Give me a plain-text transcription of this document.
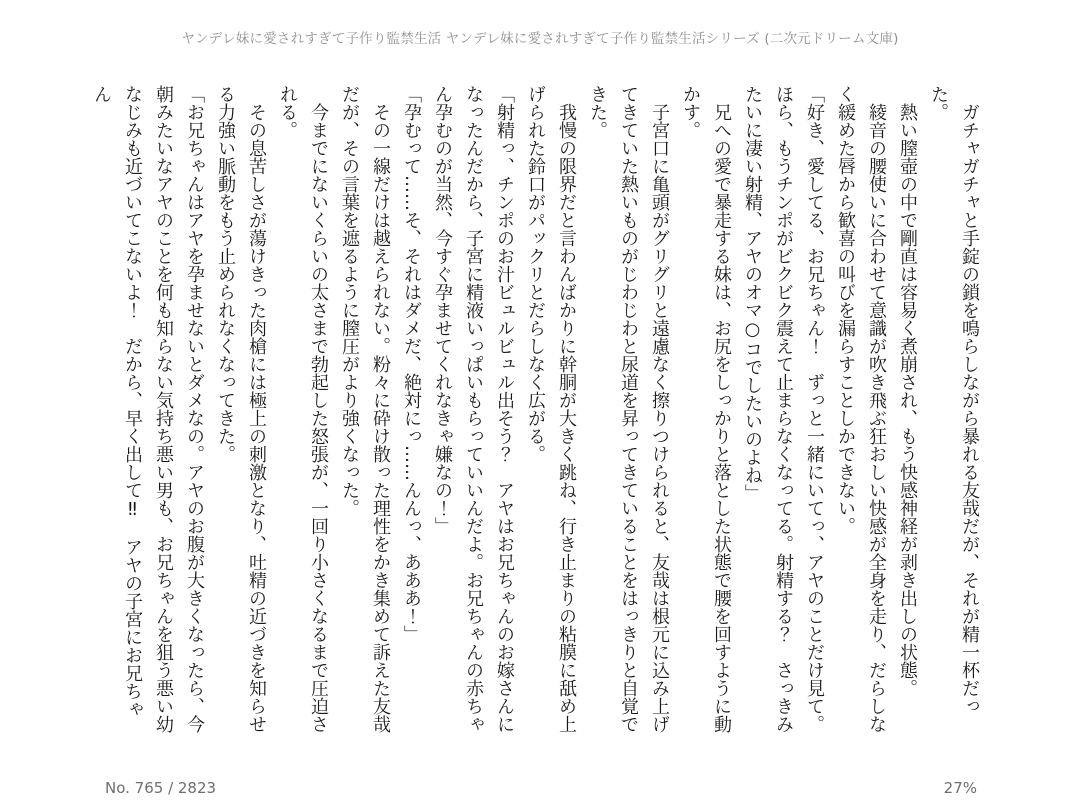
ヤンデレ妹に愛されすぎて子作り監禁生活 ヤンデレ妹に愛されすぎて子作り監禁生活シリーズ (二次元ドリーム文庫)

ガチャガチャと手錠の鎖を鳴らしながら暴れる友哉だが、それが精一杯だった。

熱い膣壺の中で剛直は容易く煮崩され、もう快感神経が剥き出しの状態。

綾音の腰使いに合わせて意識が吹き飛ぶ狂おしい快感が全身を走り、だらしなく緩めた唇から歓喜の叫びを漏らすことしかできない。

「好き、愛してる、お兄ちゃん！　ずっと一緒にいてっ、アヤのことだけ見て。ほら、もうチンポがビクビク震えて止まらなくなってる。射精する？　さっきみたいに凄い射精、アヤのオマ○コでしたいのよね」

兄への愛で暴走する妹は、お尻をしっかりと落とした状態で腰を回すように動かす。

子宮口に亀頭がグリグリと遠慮なく擦りつけられると、友哉は根元に込み上げてきていた熱いものがじわじわと尿道を昇ってきていることをはっきりと自覚できた。

我慢の限界だと言わんばかりに幹胴が大きく跳ね、行き止まりの粘膜に舐め上げられた鈴口がパックリとだらしなく広がる。

「射精っ、チンポのお汁ビュルビュル出そう？　アヤはお兄ちゃんのお嫁さんになったんだから、子宮に精液いっぱいもらっていいんだよ。お兄ちゃんの赤ちゃん孕むのが当然、今すぐ孕ませてくれなきゃ嫌なの！」

「孕むって……そ、それはダメだ、絶対にっ……んんっ、あああ！」

その一線だけは越えられない。粉々に砕け散った理性をかき集めて訴えた友哉だが、その言葉を遮るように膣圧がより強くなった。

今までにないくらいの太さまで勃起した怒張が、一回り小さくなるまで圧迫される。

その息苦しさが蕩けきった肉槍には極上の刺激となり、吐精の近づきを知らせる力強い脈動をもう止められなくなってきた。

「お兄ちゃんはアヤを孕ませないとダメなの。アヤのお腹が大きくなったら、今朝みたいなアヤのことを何も知らない気持ち悪い男も、お兄ちゃんを狙う悪い幼なじみも近づいてこないよ！　だから、早く出して‼　アヤの子宮にお兄ちゃん

No. 765 / 2823	27%
